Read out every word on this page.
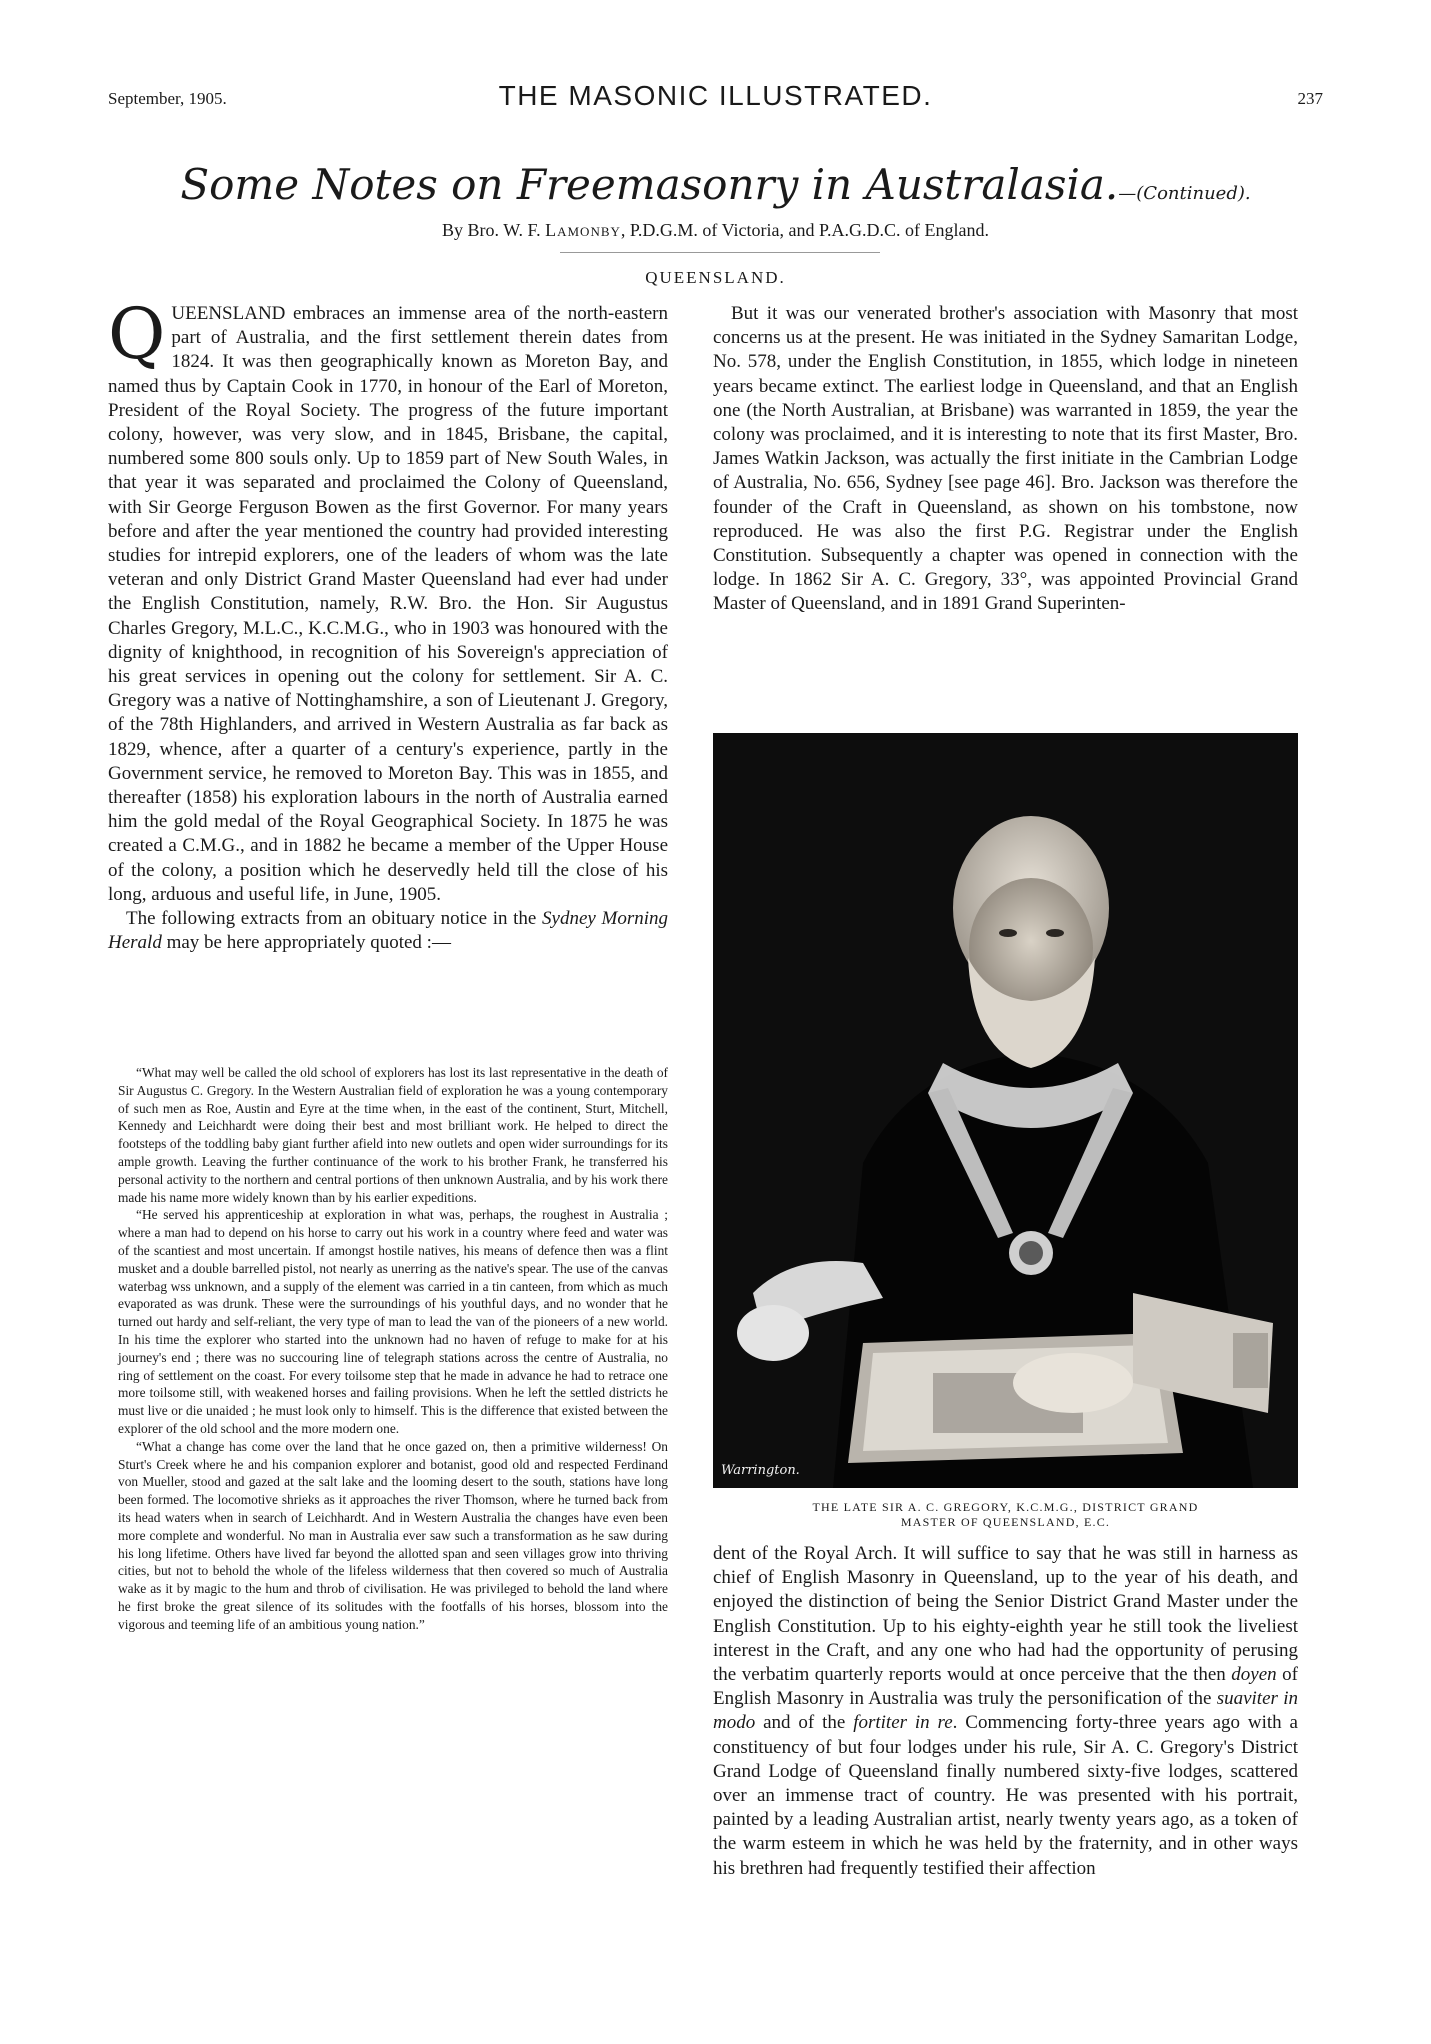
September, 1905.	THE MASONIC ILLUSTRATED.	237
Some Notes on Freemasonry in Australasia.—(Continued).
By Bro. W. F. Lamonby, P.D.G.M. of Victoria, and P.A.G.D.C. of England.
QUEENSLAND.

QUEENSLAND embraces an immense area of the north-eastern part of Australia, and the first settlement therein dates from 1824. It was then geographically known as Moreton Bay, and named thus by Captain Cook in 1770, in honour of the Earl of Moreton, President of the Royal Society. The progress of the future important colony, however, was very slow, and in 1845, Brisbane, the capital, numbered some 800 souls only. Up to 1859 part of New South Wales, in that year it was separated and proclaimed the Colony of Queensland, with Sir George Ferguson Bowen as the first Governor. For many years before and after the year mentioned the country had provided interesting studies for intrepid explorers, one of the leaders of whom was the late veteran and only District Grand Master Queensland had ever had under the English Constitution, namely, R.W. Bro. the Hon. Sir Augustus Charles Gregory, M.L.C., K.C.M.G., who in 1903 was honoured with the dignity of knighthood, in recognition of his Sovereign's appreciation of his great services in opening out the colony for settlement. Sir A. C. Gregory was a native of Nottinghamshire, a son of Lieutenant J. Gregory, of the 78th Highlanders, and arrived in Western Australia as far back as 1829, whence, after a quarter of a century's experience, partly in the Government service, he removed to Moreton Bay. This was in 1855, and thereafter (1858) his exploration labours in the north of Australia earned him the gold medal of the Royal Geographical Society. In 1875 he was created a C.M.G., and in 1882 he became a member of the Upper House of the colony, a position which he deservedly held till the close of his long, arduous and useful life, in June, 1905.

The following extracts from an obituary notice in the Sydney Morning Herald may be here appropriately quoted :—

“What may well be called the old school of explorers has lost its last representative in the death of Sir Augustus C. Gregory. In the Western Australian field of exploration he was a young contemporary of such men as Roe, Austin and Eyre at the time when, in the east of the continent, Sturt, Mitchell, Kennedy and Leichhardt were doing their best and most brilliant work. He helped to direct the footsteps of the toddling baby giant further afield into new outlets and open wider surroundings for its ample growth. Leaving the further continuance of the work to his brother Frank, he transferred his personal activity to the northern and central portions of then unknown Australia, and by his work there made his name more widely known than by his earlier expeditions.

“He served his apprenticeship at exploration in what was, perhaps, the roughest in Australia ; where a man had to depend on his horse to carry out his work in a country where feed and water was of the scantiest and most uncertain. If amongst hostile natives, his means of defence then was a flint musket and a double barrelled pistol, not nearly as unerring as the native's spear. The use of the canvas waterbag wss unknown, and a supply of the element was carried in a tin canteen, from which as much evaporated as was drunk. These were the surroundings of his youthful days, and no wonder that he turned out hardy and self-reliant, the very type of man to lead the van of the pioneers of a new world. In his time the explorer who started into the unknown had no haven of refuge to make for at his journey's end ; there was no succouring line of telegraph stations across the centre of Australia, no ring of settlement on the coast. For every toilsome step that he made in advance he had to retrace one more toilsome still, with weakened horses and failing provisions. When he left the settled districts he must live or die unaided ; he must look only to himself. This is the difference that existed between the explorer of the old school and the more modern one.

“What a change has come over the land that he once gazed on, then a primitive wilderness! On Sturt's Creek where he and his companion explorer and botanist, good old and respected Ferdinand von Mueller, stood and gazed at the salt lake and the looming desert to the south, stations have long been formed. The locomotive shrieks as it approaches the river Thomson, where he turned back from its head waters when in search of Leichhardt. And in Western Australia the changes have even been more complete and wonderful. No man in Australia ever saw such a transformation as he saw during his long lifetime. Others have lived far beyond the allotted span and seen villages grow into thriving cities, but not to behold the whole of the lifeless wilderness that then covered so much of Australia wake as it by magic to the hum and throb of civilisation. He was privileged to behold the land where he first broke the great silence of its solitudes with the footfalls of his horses, blossom into the vigorous and teeming life of an ambitious young nation.”

But it was our venerated brother's association with Masonry that most concerns us at the present. He was initiated in the Sydney Samaritan Lodge, No. 578, under the English Constitution, in 1855, which lodge in nineteen years became extinct. The earliest lodge in Queensland, and that an English one (the North Australian, at Brisbane) was warranted in 1859, the year the colony was proclaimed, and it is interesting to note that its first Master, Bro. James Watkin Jackson, was actually the first initiate in the Cambrian Lodge of Australia, No. 656, Sydney [see page 46]. Bro. Jackson was therefore the founder of the Craft in Queensland, as shown on his tombstone, now reproduced. He was also the first P.G. Registrar under the English Constitution. Subsequently a chapter was opened in connection with the lodge. In 1862 Sir A. C. Gregory, 33°, was appointed Provincial Grand Master of Queensland, and in 1891 Grand Superinten-

Warrington.
THE LATE SIR A. C. GREGORY, K.C.M.G., DISTRICT GRAND
MASTER OF QUEENSLAND, E.C.

dent of the Royal Arch. It will suffice to say that he was still in harness as chief of English Masonry in Queensland, up to the year of his death, and enjoyed the distinction of being the Senior District Grand Master under the English Constitution. Up to his eighty-eighth year he still took the liveliest interest in the Craft, and any one who had had the opportunity of perusing the verbatim quarterly reports would at once perceive that the then doyen of English Masonry in Australia was truly the personification of the suaviter in modo and of the fortiter in re. Commencing forty-three years ago with a constituency of but four lodges under his rule, Sir A. C. Gregory's District Grand Lodge of Queensland finally numbered sixty-five lodges, scattered over an immense tract of country. He was presented with his portrait, painted by a leading Australian artist, nearly twenty years ago, as a token of the warm esteem in which he was held by the fraternity, and in other ways his brethren had frequently testified their affection
